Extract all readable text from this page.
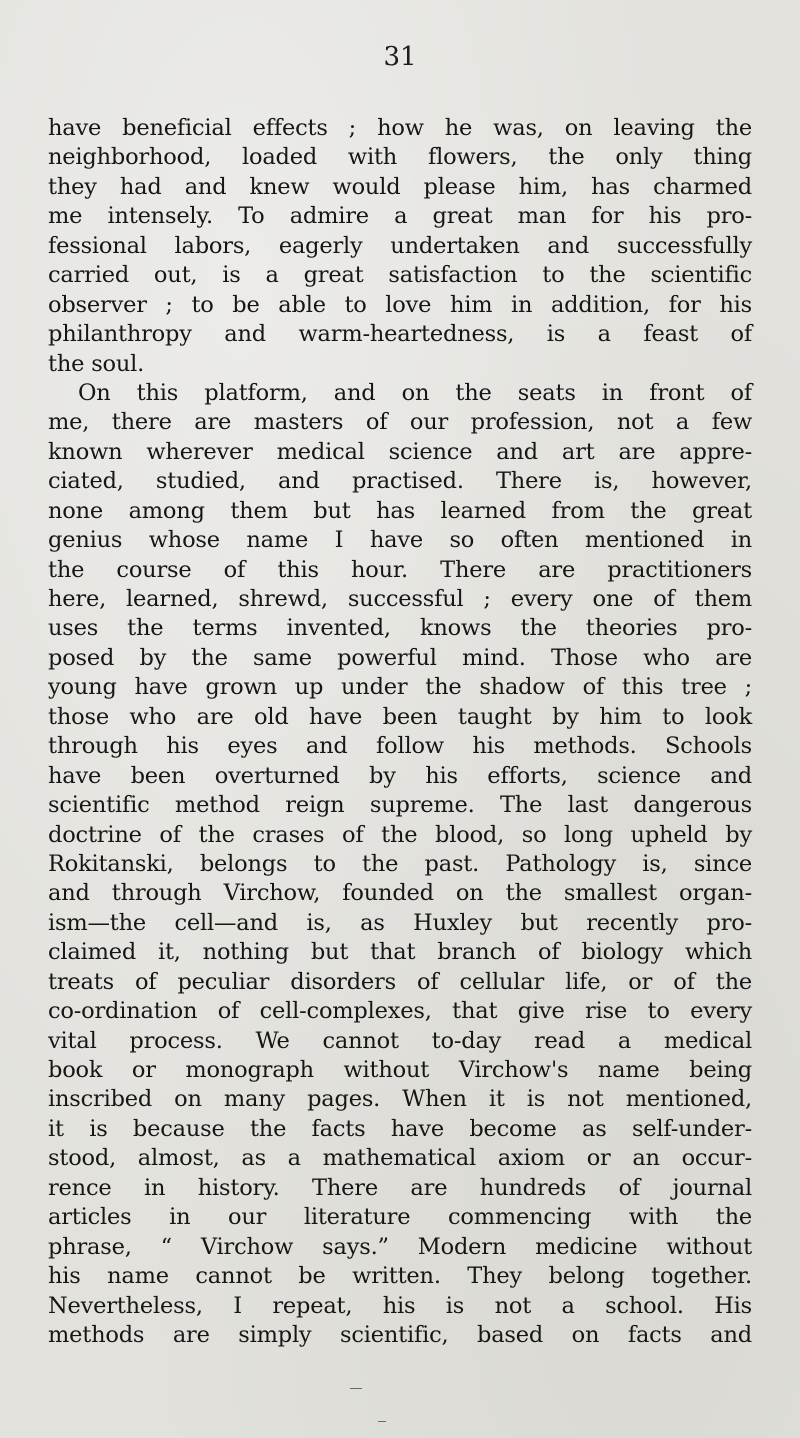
31
have beneficial effects ; how he was, on leaving the
neighborhood, loaded with flowers, the only thing
they had and knew would please him, has charmed
me intensely. To admire a great man for his pro-
fessional labors, eagerly undertaken and successfully
carried out, is a great satisfaction to the scientific
observer ; to be able to love him in addition, for his
philanthropy and warm-heartedness, is a feast of
the soul.
On this platform, and on the seats in front of
me, there are masters of our profession, not a few
known wherever medical science and art are appre-
ciated, studied, and practised. There is, however,
none among them but has learned from the great
genius whose name I have so often mentioned in
the course of this hour. There are practitioners
here, learned, shrewd, successful ; every one of them
uses the terms invented, knows the theories pro-
posed by the same powerful mind. Those who are
young have grown up under the shadow of this tree ;
those who are old have been taught by him to look
through his eyes and follow his methods. Schools
have been overturned by his efforts, science and
scientific method reign supreme. The last dangerous
doctrine of the crases of the blood, so long upheld by
Rokitanski, belongs to the past. Pathology is, since
and through Virchow, founded on the smallest organ-
ism—the cell—and is, as Huxley but recently pro-
claimed it, nothing but that branch of biology which
treats of peculiar disorders of cellular life, or of the
co-ordination of cell-complexes, that give rise to every
vital process. We cannot to-day read a medical
book or monograph without Virchow's name being
inscribed on many pages. When it is not mentioned,
it is because the facts have become as self-under-
stood, almost, as a mathematical axiom or an occur-
rence in history. There are hundreds of journal
articles in our literature commencing with the
phrase, “ Virchow says.” Modern medicine without
his name cannot be written. They belong together.
Nevertheless, I repeat, his is not a school. His
methods are simply scientific, based on facts and
